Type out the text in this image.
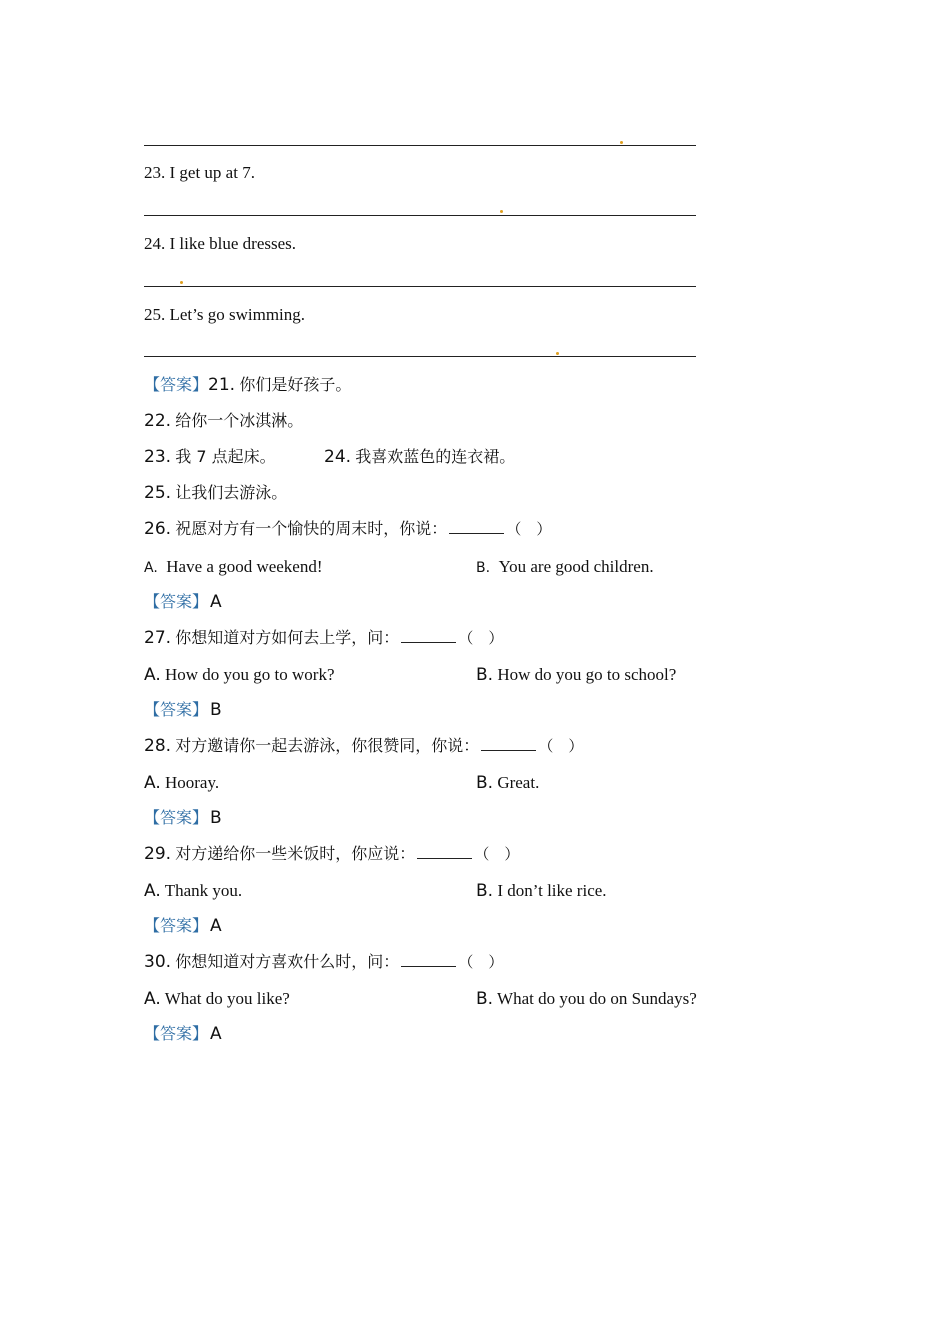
23. I get up at 7.
24. I like blue dresses.
25. Let’s go swimming.
【答案】21. 你们是好孩子。
22. 给你一个冰淇淋。
23. 我 7 点起床。	24. 我喜欢蓝色的连衣裙。
25. 让我们去游泳。
26. 祝愿对方有一个愉快的周末时，你说：	（　）
A. Have a good weekend!	B. You are good children.
【答案】 A
27. 你想知道对方如何去上学，问：	（　）
A. How do you go to work?	B. How do you go to school?
【答案】 B
28. 对方邀请你一起去游泳，你很赞同，你说：	（　）
A. Hooray.	B. Great.
【答案】 B
29. 对方递给你一些米饭时，你应说：	（　）
A. Thank you.	B. I don’t like rice.
【答案】 A
30. 你想知道对方喜欢什么时，问：	（　）
A. What do you like?	B. What do you do on Sundays?
【答案】 A
